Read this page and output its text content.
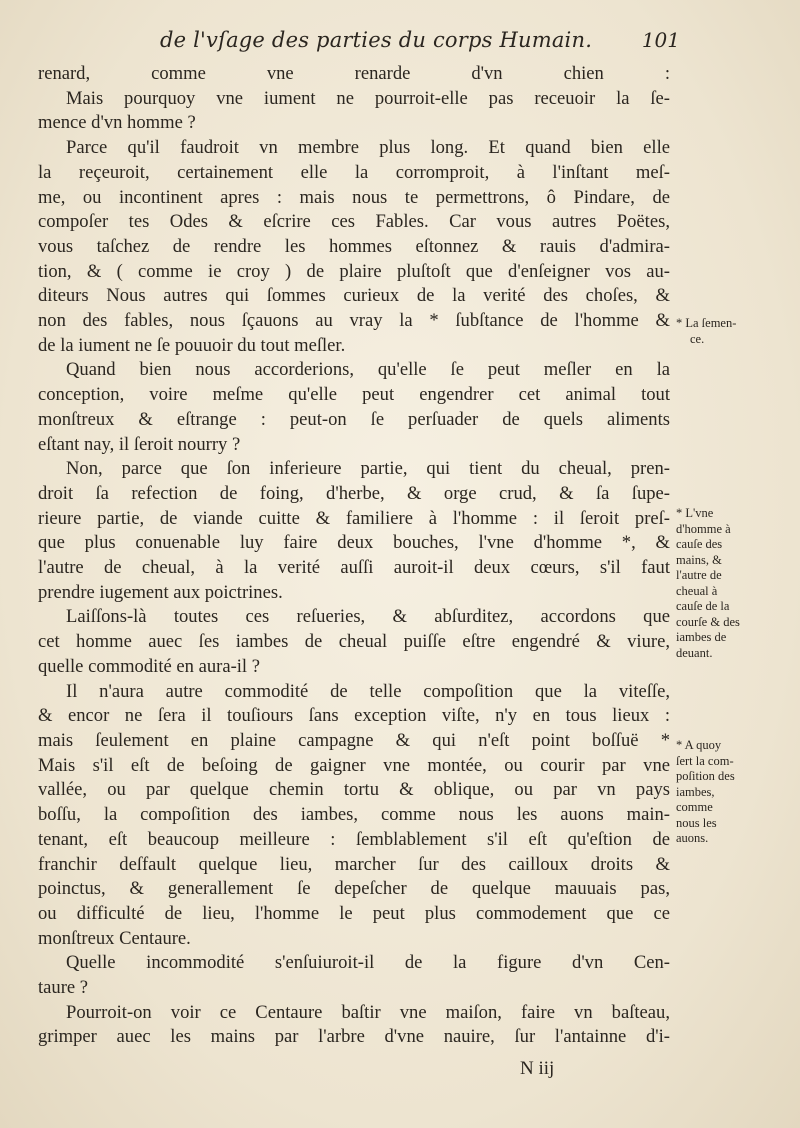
de l'vſage des parties du corps Humain. 101
renard, comme vne renarde d'vn chien :
Mais pourquoy vne iument ne pourroit-elle pas receuoir la ſe-
mence d'vn homme ?
Parce qu'il faudroit vn membre plus long. Et quand bien elle
la reçeuroit, certainement elle la corromproit, à l'inſtant meſ-
me, ou incontinent apres : mais nous te permettrons, ô Pindare, de
compoſer tes Odes & eſcrire ces Fables. Car vous autres Poëtes,
vous taſchez de rendre les hommes eſtonnez & rauis d'admira-
tion, & ( comme ie croy ) de plaire pluſtoſt que d'enſeigner vos au-
diteurs Nous autres qui ſommes curieux de la verité des choſes, &
non des fables, nous ſçauons au vray la * ſubſtance de l'homme &
de la iument ne ſe pouuoir du tout meſler.
Quand bien nous accorderions, qu'elle ſe peut meſler en la
conception, voire meſme qu'elle peut engendrer cet animal tout
monſtreux & eſtrange : peut-on ſe perſuader de quels aliments
eſtant nay, il ſeroit nourry ?
Non, parce que ſon inferieure partie, qui tient du cheual, pren-
droit ſa refection de foing, d'herbe, & orge crud, & ſa ſupe-
rieure partie, de viande cuitte & familiere à l'homme : il ſeroit preſ-
que plus conuenable luy faire deux bouches, l'vne d'homme *, &
l'autre de cheual, à la verité auſſi auroit-il deux cœurs, s'il faut
prendre iugement aux poictrines.
Laiſſons-là toutes ces reſueries, & abſurditez, accordons que
cet homme auec ſes iambes de cheual puiſſe eſtre engendré & viure,
quelle commodité en aura-il ?
Il n'aura autre commodité de telle compoſition que la viteſſe,
& encor ne ſera il touſiours ſans exception viſte, n'y en tous lieux :
mais ſeulement en plaine campagne & qui n'eſt point boſſuë *
Mais s'il eſt de beſoing de gaigner vne montée, ou courir par vne
vallée, ou par quelque chemin tortu & oblique, ou par vn pays
boſſu, la compoſition des iambes, comme nous les auons main-
tenant, eſt beaucoup meilleure : ſemblablement s'il eſt qu'eſtion de
franchir deſfault quelque lieu, marcher ſur des cailloux droits &
poinctus, & generallement ſe depeſcher de quelque mauuais pas,
ou difficulté de lieu, l'homme le peut plus commodement que ce
monſtreux Centaure.
Quelle incommodité s'enſuiuroit-il de la figure d'vn Cen-
taure ?
Pourroit-on voir ce Centaure baſtir vne maiſon, faire vn baſteau,
grimper auec les mains par l'arbre d'vne nauire, ſur l'antainne d'i-
* La ſemen-
ce.
* L'vne
d'homme à
cauſe des
mains, &
l'autre de
cheual à
cauſe de la
courſe & des
iambes de
deuant.
* A quoy
ſert la com-
poſition des
iambes,
comme
nous les
auons.
N iij
